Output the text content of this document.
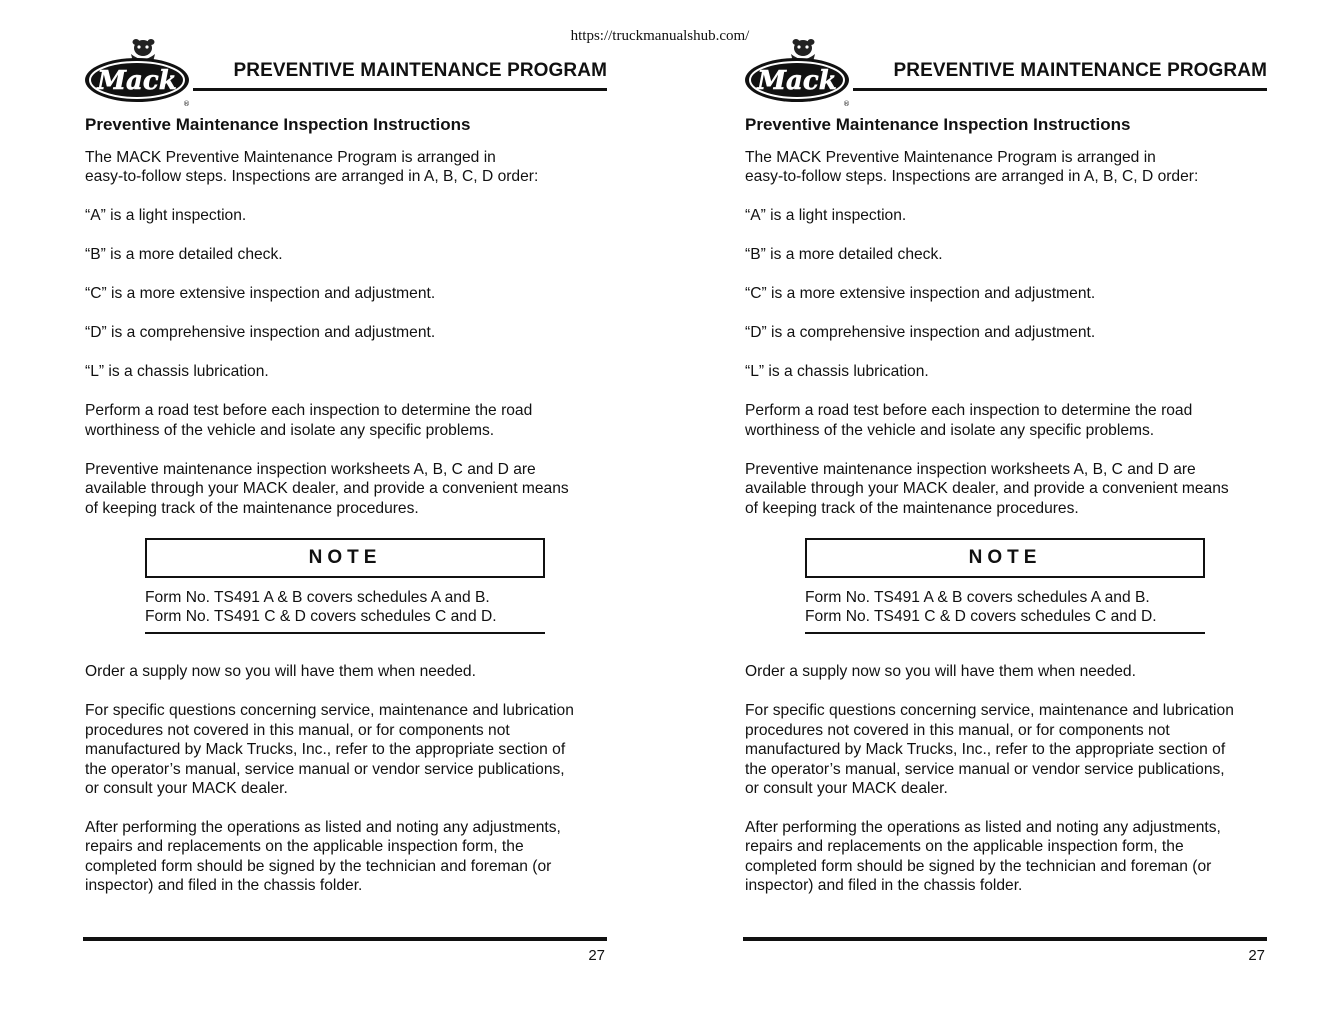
https://truckmanualshub.com/
Mack
®
PREVENTIVE MAINTENANCE PROGRAM
Preventive Maintenance Inspection Instructions
The MACK Preventive Maintenance Program is arranged in
easy-to-follow steps. Inspections are arranged in A, B, C, D order:
“A” is a light inspection.
“B” is a more detailed check.
“C” is a more extensive inspection and adjustment.
“D” is a comprehensive inspection and adjustment.
“L” is a chassis lubrication.
Perform a road test before each inspection to determine the road
worthiness of the vehicle and isolate any specific problems.
Preventive maintenance inspection worksheets A, B, C and D are
available through your MACK dealer, and provide a convenient means
of keeping track of the maintenance procedures.
NOTE
Form No. TS491 A & B covers schedules A and B.
Form No. TS491 C & D covers schedules C and D.
Order a supply now so you will have them when needed.
For specific questions concerning service, maintenance and lubrication
procedures not covered in this manual, or for components not
manufactured by Mack Trucks, Inc., refer to the appropriate section of
the operator’s manual, service manual or vendor service publications,
or consult your MACK dealer.
After performing the operations as listed and noting any adjustments,
repairs and replacements on the applicable inspection form, the
completed form should be signed by the technician and foreman (or
inspector) and filed in the chassis folder.
27
Mack
®
PREVENTIVE MAINTENANCE PROGRAM
Preventive Maintenance Inspection Instructions
The MACK Preventive Maintenance Program is arranged in
easy-to-follow steps. Inspections are arranged in A, B, C, D order:
“A” is a light inspection.
“B” is a more detailed check.
“C” is a more extensive inspection and adjustment.
“D” is a comprehensive inspection and adjustment.
“L” is a chassis lubrication.
Perform a road test before each inspection to determine the road
worthiness of the vehicle and isolate any specific problems.
Preventive maintenance inspection worksheets A, B, C and D are
available through your MACK dealer, and provide a convenient means
of keeping track of the maintenance procedures.
NOTE
Form No. TS491 A & B covers schedules A and B.
Form No. TS491 C & D covers schedules C and D.
Order a supply now so you will have them when needed.
For specific questions concerning service, maintenance and lubrication
procedures not covered in this manual, or for components not
manufactured by Mack Trucks, Inc., refer to the appropriate section of
the operator’s manual, service manual or vendor service publications,
or consult your MACK dealer.
After performing the operations as listed and noting any adjustments,
repairs and replacements on the applicable inspection form, the
completed form should be signed by the technician and foreman (or
inspector) and filed in the chassis folder.
27
